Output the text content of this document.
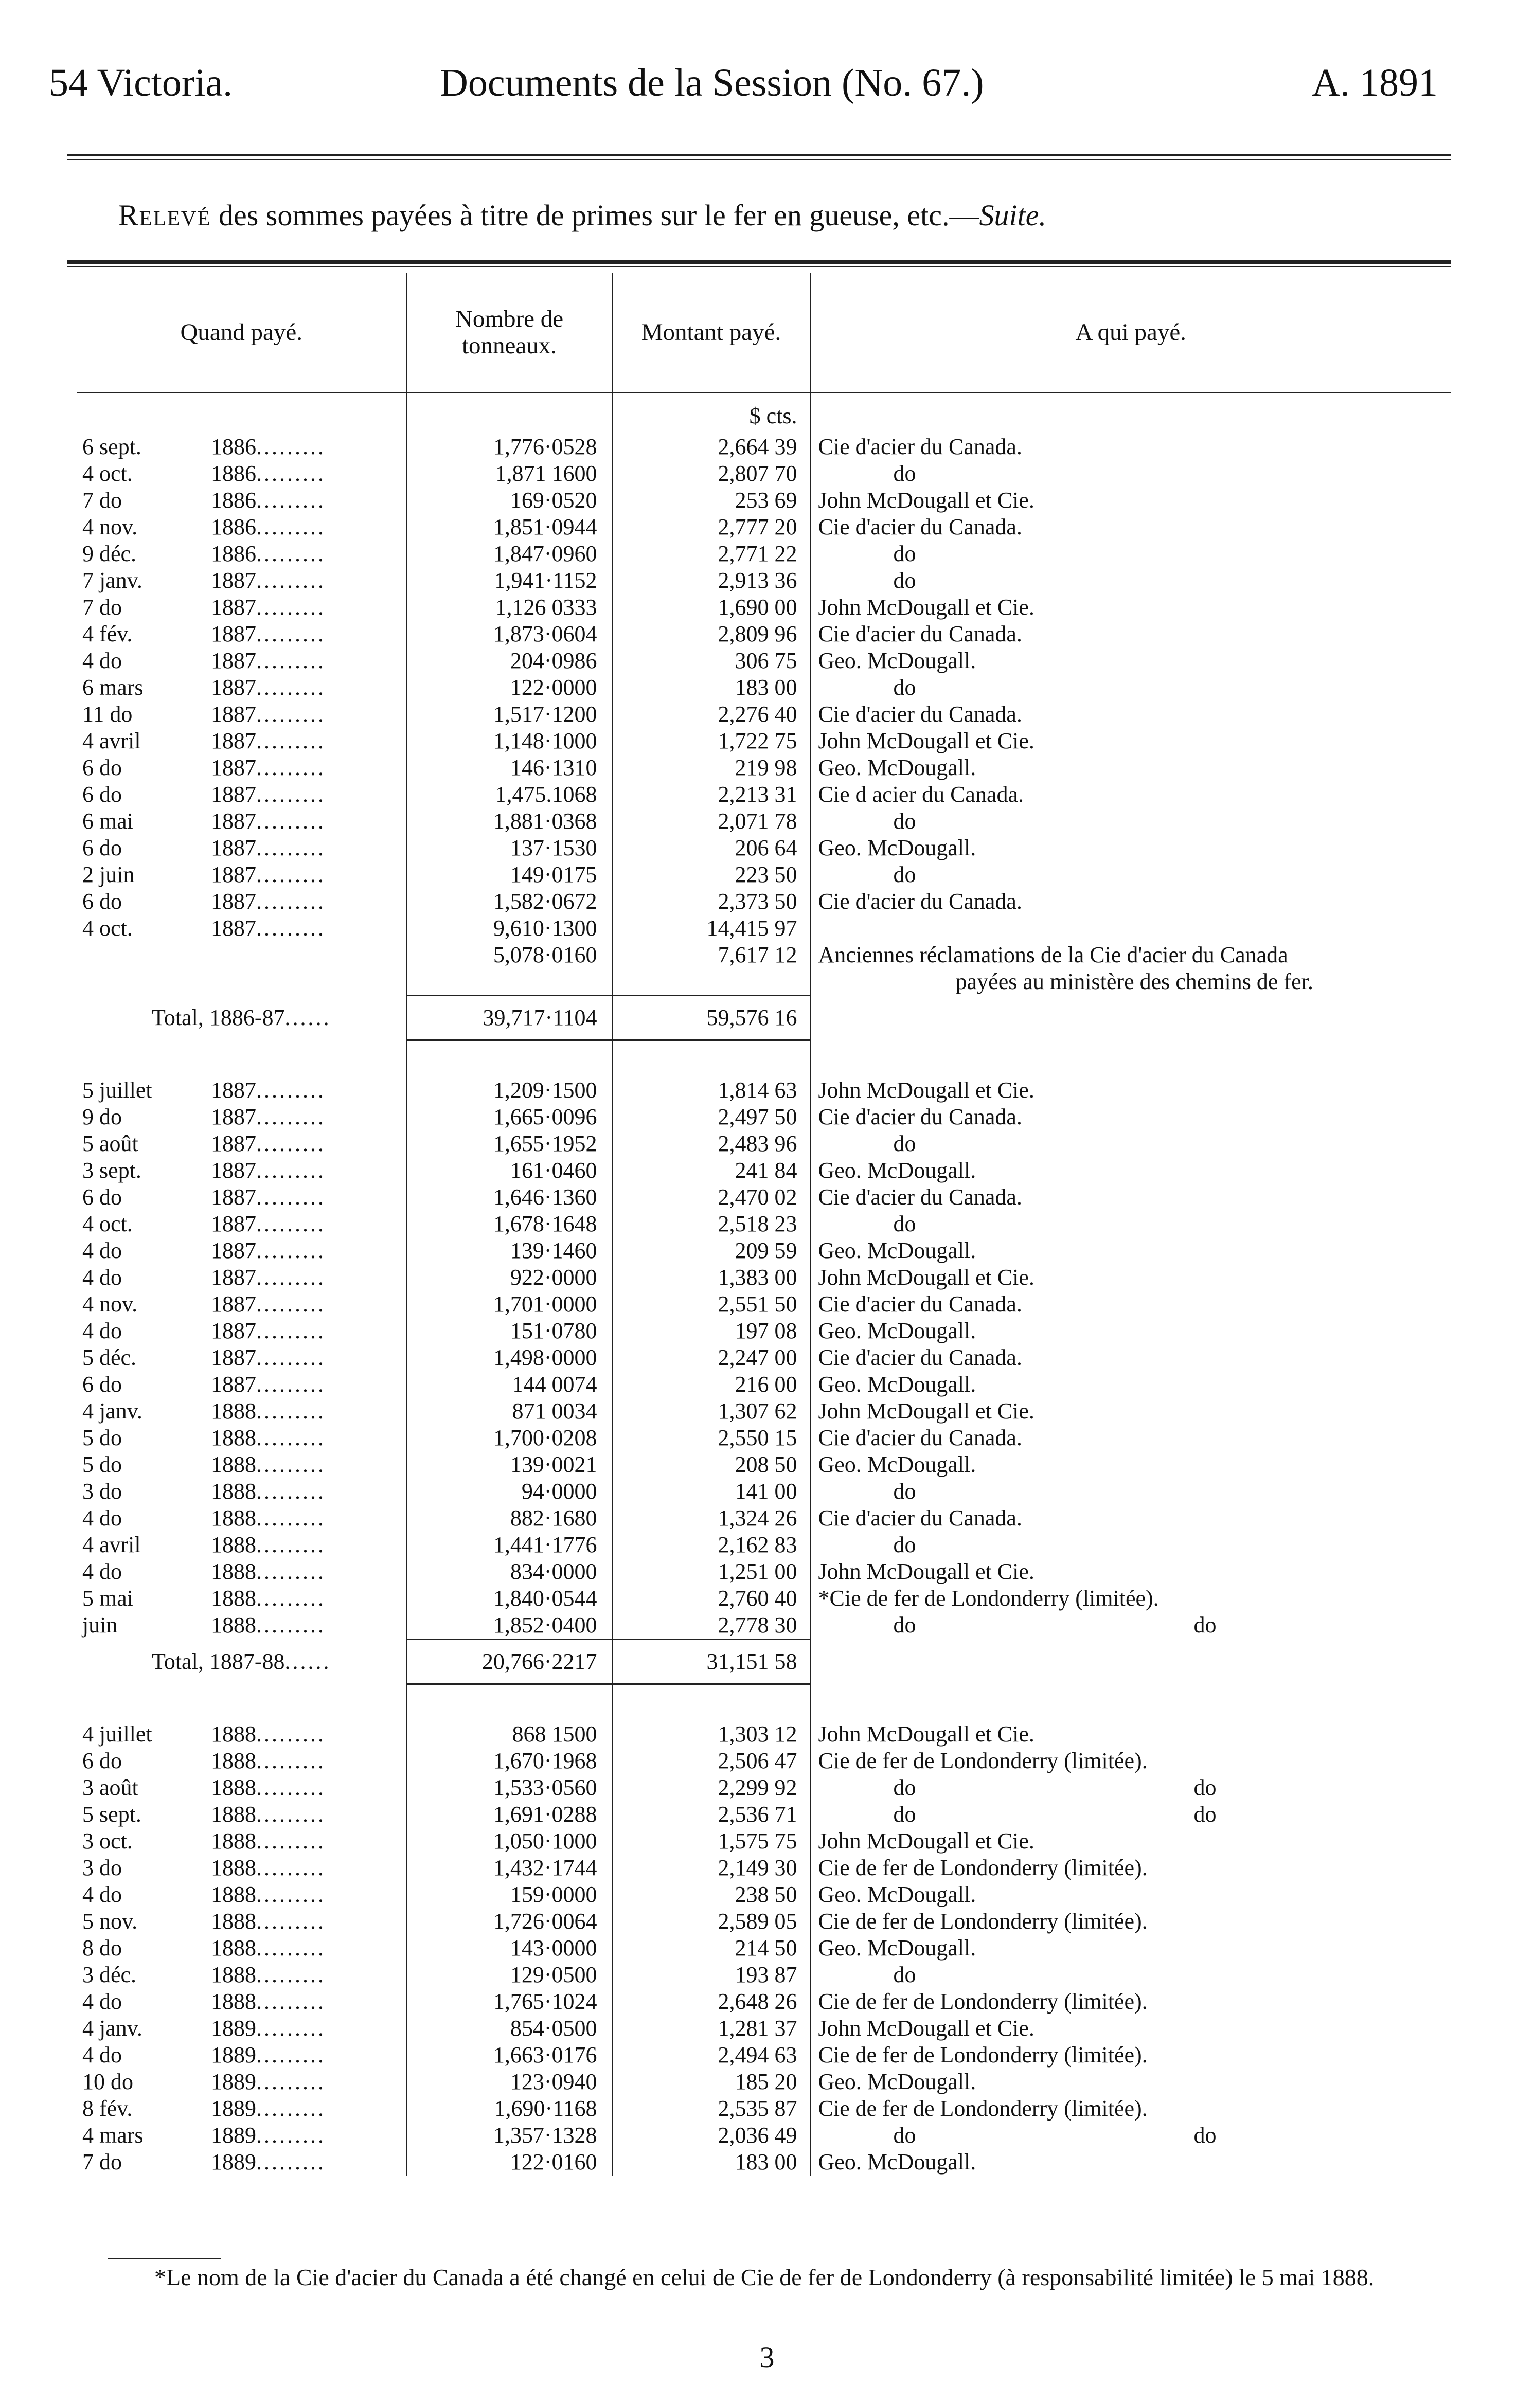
54 Victoria.	Documents de la Session (No. 67.)	A. 1891
Relevé des sommes payées à titre de primes sur le fer en gueuse, etc.—Suite.
Quand payé.	Nombre de tonneaux.	Montant payé.	A qui payé.
		$ cts.	
6 sept. 1886.........	1,776·0528	2,664 39	Cie d'acier du Canada.
4 oct. 1886.........	1,871 1600	2,807 70	do
7 do 1886.........	169·0520	253 69	John McDougall et Cie.
4 nov. 1886.........	1,851·0944	2,777 20	Cie d'acier du Canada.
9 déc. 1886.........	1,847·0960	2,771 22	do
7 janv. 1887.........	1,941·1152	2,913 36	do
7 do 1887.........	1,126 0333	1,690 00	John McDougall et Cie.
4 fév. 1887.........	1,873·0604	2,809 96	Cie d'acier du Canada.
4 do 1887.........	204·0986	306 75	Geo. McDougall.
6 mars 1887.........	122·0000	183 00	do
11 do 1887.........	1,517·1200	2,276 40	Cie d'acier du Canada.
4 avril 1887.........	1,148·1000	1,722 75	John McDougall et Cie.
6 do 1887.........	146·1310	219 98	Geo. McDougall.
6 do 1887.........	1,475.1068	2,213 31	Cie d acier du Canada.
6 mai 1887.........	1,881·0368	2,071 78	do
6 do 1887.........	137·1530	206 64	Geo. McDougall.
2 juin 1887.........	149·0175	223 50	do
6 do 1887.........	1,582·0672	2,373 50	Cie d'acier du Canada.
4 oct. 1887.........	9,610·1300	14,415 97	
	5,078·0160	7,617 12	Anciennes réclamations de la Cie d'acier du Canada
payées au ministère des chemins de fer.

Total, 1886-87......	39,717·1104	59,576 16	

5 juillet 1887.........	1,209·1500	1,814 63	John McDougall et Cie.
9 do 1887.........	1,665·0096	2,497 50	Cie d'acier du Canada.
5 août 1887.........	1,655·1952	2,483 96	do
3 sept. 1887.........	161·0460	241 84	Geo. McDougall.
6 do 1887.........	1,646·1360	2,470 02	Cie d'acier du Canada.
4 oct. 1887.........	1,678·1648	2,518 23	do
4 do 1887.........	139·1460	209 59	Geo. McDougall.
4 do 1887.........	922·0000	1,383 00	John McDougall et Cie.
4 nov. 1887.........	1,701·0000	2,551 50	Cie d'acier du Canada.
4 do 1887.........	151·0780	197 08	Geo. McDougall.
5 déc. 1887.........	1,498·0000	2,247 00	Cie d'acier du Canada.
6 do 1887.........	144 0074	216 00	Geo. McDougall.
4 janv. 1888.........	871 0034	1,307 62	John McDougall et Cie.
5 do 1888.........	1,700·0208	2,550 15	Cie d'acier du Canada.
5 do 1888.........	139·0021	208 50	Geo. McDougall.
3 do 1888.........	94·0000	141 00	do
4 do 1888.........	882·1680	1,324 26	Cie d'acier du Canada.
4 avril 1888.........	1,441·1776	2,162 83	do
4 do 1888.........	834·0000	1,251 00	John McDougall et Cie.
5 mai 1888.........	1,840·0544	2,760 40	*Cie de fer de Londonderry (limitée).
juin 1888.........	1,852·0400	2,778 30	do do
Total, 1887-88......	20,766·2217	31,151 58	

4 juillet 1888.........	868 1500	1,303 12	John McDougall et Cie.
6 do 1888.........	1,670·1968	2,506 47	Cie de fer de Londonderry (limitée).
3 août 1888.........	1,533·0560	2,299 92	do do
5 sept. 1888.........	1,691·0288	2,536 71	do do
3 oct. 1888.........	1,050·1000	1,575 75	John McDougall et Cie.
3 do 1888.........	1,432·1744	2,149 30	Cie de fer de Londonderry (limitée).
4 do 1888.........	159·0000	238 50	Geo. McDougall.
5 nov. 1888.........	1,726·0064	2,589 05	Cie de fer de Londonderry (limitée).
8 do 1888.........	143·0000	214 50	Geo. McDougall.
3 déc. 1888.........	129·0500	193 87	do
4 do 1888.........	1,765·1024	2,648 26	Cie de fer de Londonderry (limitée).
4 janv. 1889.........	854·0500	1,281 37	John McDougall et Cie.
4 do 1889.........	1,663·0176	2,494 63	Cie de fer de Londonderry (limitée).
10 do 1889.........	123·0940	185 20	Geo. McDougall.
8 fév. 1889.........	1,690·1168	2,535 87	Cie de fer de Londonderry (limitée).
4 mars 1889.........	1,357·1328	2,036 49	do do
7 do 1889.........	122·0160	183 00	Geo. McDougall.
*Le nom de la Cie d'acier du Canada a été changé en celui de Cie de fer de Londonderry (à responsabilité limitée) le 5 mai 1888.
3
